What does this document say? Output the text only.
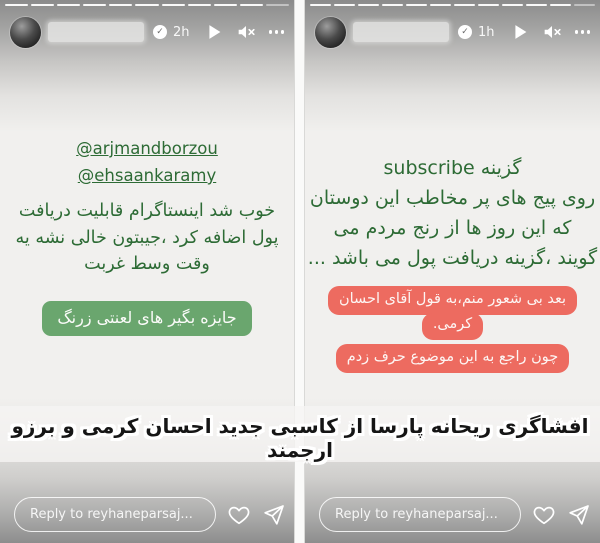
✓ 2h
@arjmandborzou
@ehsaankaramy
خوب شد اینستاگرام قابلیت دریافت
پول اضافه کرد ،جیبتون خالی نشه یه
وقت وسط غربت
جایزه بگیر های لعنتی زرنگ
Reply to reyhaneparsaj...
✓ 1h
گزینه subscribe
روی پیج های پر مخاطب این دوستان
که این روز ها از رنج مردم می
گویند ،گزینه دریافت پول می باشد ...
بعد بی شعور منم،به قول آقای احسان
کرمی.
چون راجع به این موضوع حرف زدم
Reply to reyhaneparsaj...
افشاگری ریحانه پارسا از کاسبی جدید احسان کرمی و برزو ارجمند
